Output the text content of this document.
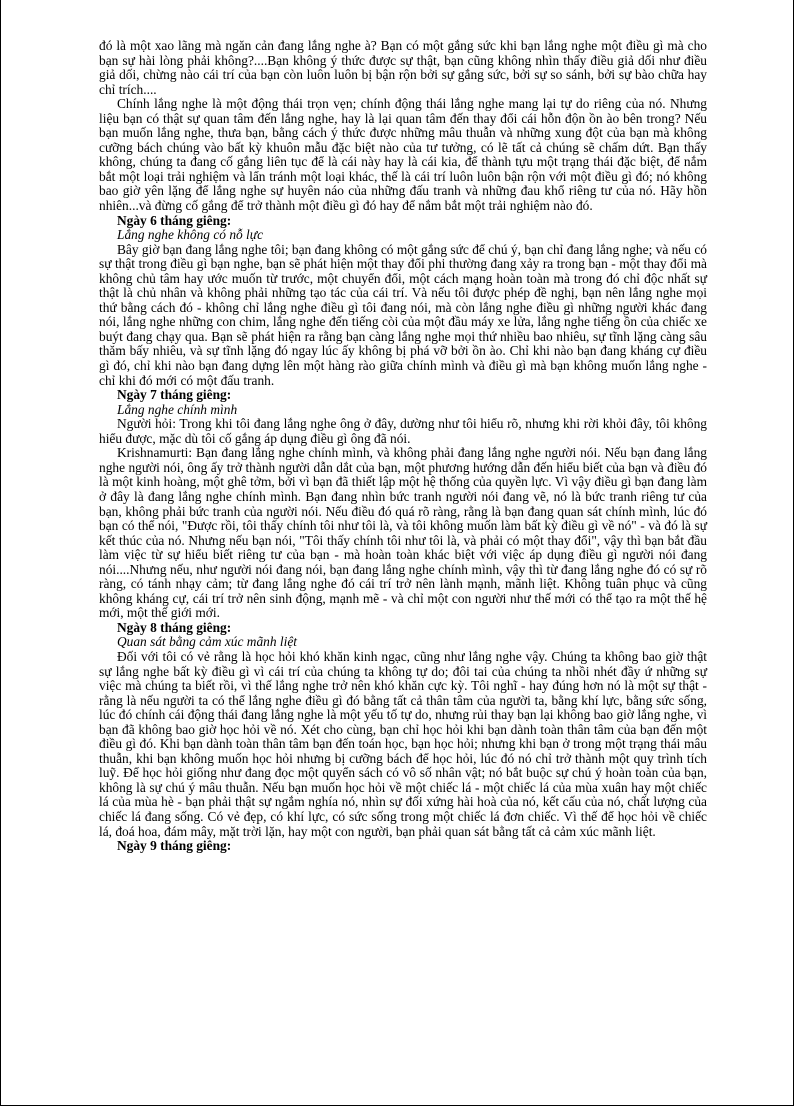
đó là một xao lãng mà ngăn cản đang lắng nghe à? Bạn có một gắng sức khi bạn lắng nghe một điều gì mà cho bạn sự hài lòng phải không?....Bạn không ý thức được sự thật, bạn cũng không nhìn thấy điều giả dối như điều giả dối, chừng nào cái trí của bạn còn luôn luôn bị bận rộn bởi sự gắng sức, bởi sự so sánh, bởi sự bào chữa hay chỉ trích....

Chính lắng nghe là một động thái trọn vẹn; chính động thái lắng nghe mang lại tự do riêng của nó. Nhưng liệu bạn có thật sự quan tâm đến lắng nghe, hay là lại quan tâm đến thay đổi cái hỗn độn ồn ào bên trong? Nếu bạn muốn lắng nghe, thưa bạn, bằng cách ý thức được những mâu thuẫn và những xung đột của bạn mà không cưỡng bách chúng vào bất kỳ khuôn mẫu đặc biệt nào của tư tưởng, có lẽ tất cả chúng sẽ chấm dứt. Bạn thấy không, chúng ta đang cố gắng liên tục để là cái này hay là cái kia, để thành tựu một trạng thái đặc biệt, để nắm bắt một loại trải nghiệm và lẩn tránh một loại khác, thế là cái trí luôn luôn bận rộn với một điều gì đó; nó không bao giờ yên lặng để lắng nghe sự huyên náo của những đấu tranh và những đau khổ riêng tư của nó. Hãy hồn nhiên...và đừng cố gắng để trở thành một điều gì đó hay để nắm bắt một trải nghiệm nào đó.

Ngày 6 tháng giêng:

Lắng nghe không có nỗ lực

Bây giờ bạn đang lắng nghe tôi; bạn đang không có một gắng sức để chú ý, bạn chỉ đang lắng nghe; và nếu có sự thật trong điều gì bạn nghe, bạn sẽ phát hiện một thay đổi phi thường đang xảy ra trong bạn - một thay đổi mà không chủ tâm hay ước muốn từ trước, một chuyển đổi, một cách mạng hoàn toàn mà trong đó chỉ độc nhất sự thật là chủ nhân và không phải những tạo tác của cái trí. Và nếu tôi được phép đề nghị, bạn nên lắng nghe mọi thứ bằng cách đó - không chỉ lắng nghe điều gì tôi đang nói, mà còn lắng nghe điều gì những người khác đang nói, lắng nghe những con chim, lắng nghe đến tiếng còi của một đầu máy xe lửa, lắng nghe tiếng ồn của chiếc xe buýt đang chạy qua. Bạn sẽ phát hiện ra rằng bạn càng lắng nghe mọi thứ nhiều bao nhiêu, sự tĩnh lặng càng sâu thăm bấy nhiêu, và sự tĩnh lặng đó ngay lúc ấy không bị phá vỡ bởi ồn ào. Chỉ khi nào bạn đang kháng cự điều gì đó, chỉ khi nào bạn đang dựng lên một hàng rào giữa chính mình và điều gì mà bạn không muốn lắng nghe - chỉ khi đó mới có một đấu tranh.

Ngày 7 tháng giêng:

Lắng nghe chính mình

Người hỏi: Trong khi tôi đang lắng nghe ông ở đây, dường như tôi hiểu rõ, nhưng khi rời khỏi đây, tôi không hiểu được, mặc dù tôi cố gắng áp dụng điều gì ông đã nói.

Krishnamurti: Bạn đang lắng nghe chính mình, và không phải đang lắng nghe người nói. Nếu bạn đang lắng nghe người nói, ông ấy trở thành người dẫn dắt của bạn, một phương hướng dẫn đến hiểu biết của bạn và điều đó là một kinh hoàng, một ghê tởm, bởi vì bạn đã thiết lập một hệ thống của quyền lực. Vì vậy điều gì bạn đang làm ở đây là đang lắng nghe chính mình. Bạn đang nhìn bức tranh người nói đang vẽ, nó là bức tranh riêng tư của bạn, không phải bức tranh của người nói. Nếu điều đó quá rõ ràng, rằng là bạn đang quan sát chính mình, lúc đó bạn có thể nói, "Được rồi, tôi thấy chính tôi như tôi là, và tôi không muốn làm bất kỳ điều gì về nó" - và đó là sự kết thúc của nó. Nhưng nếu bạn nói, "Tôi thấy chính tôi như tôi là, và phải có một thay đổi", vậy thì bạn bắt đầu làm việc từ sự hiểu biết riêng tư của bạn - mà hoàn toàn khác biệt với việc áp dụng điều gì người nói đang nói....Nhưng nếu, như người nói đang nói, bạn đang lắng nghe chính mình, vậy thì từ đang lắng nghe đó có sự rõ ràng, có tánh nhạy cảm; từ đang lắng nghe đó cái trí trở nên lành mạnh, mãnh liệt. Không tuân phục và cũng không kháng cự, cái trí trở nên sinh động, mạnh mẽ - và chỉ một con người như thế mới có thể tạo ra một thế hệ mới, một thế giới mới.

Ngày 8 tháng giêng:

Quan sát bằng cảm xúc mãnh liệt

Đối với tôi có vẻ rằng là học hỏi khó khăn kinh ngạc, cũng như lắng nghe vậy. Chúng ta không bao giờ thật sự lắng nghe bất kỳ điều gì vì cái trí của chúng ta không tự do; đôi tai của chúng ta nhồi nhét đầy ứ những sự việc mà chúng ta biết rồi, vì thế lắng nghe trở nên khó khăn cực kỳ. Tôi nghĩ - hay đúng hơn nó là một sự thật - rằng là nếu người ta có thể lắng nghe điều gì đó bằng tất cả thân tâm của người ta, bằng khí lực, bằng sức sống, lúc đó chính cái động thái đang lắng nghe là một yếu tố tự do, nhưng rủi thay bạn lại không bao giờ lắng nghe, vì bạn đã không bao giờ học hỏi về nó. Xét cho cùng, bạn chỉ học hỏi khi bạn dành toàn thân tâm của bạn đến một điều gì đó. Khi bạn dành toàn thân tâm bạn đến toán học, bạn học hỏi; nhưng khi bạn ở trong một trạng thái mâu thuẫn, khi bạn không muốn học hỏi nhưng bị cưỡng bách để học hỏi, lúc đó nó chỉ trở thành một quy trình tích luỹ. Để học hỏi giống như đang đọc một quyển sách có vô số nhân vật; nó bắt buộc sự chú ý hoàn toàn của bạn, không là sự chú ý mâu thuẫn. Nếu bạn muốn học hỏi về một chiếc lá - một chiếc lá của mùa xuân hay một chiếc lá của mùa hè - bạn phải thật sự ngắm nghía nó, nhìn sự đối xứng hài hoà của nó, kết cấu của nó, chất lượng của chiếc lá đang sống. Có vẻ đẹp, có khí lực, có sức sống trong một chiếc lá đơn chiếc. Vì thế để học hỏi về chiếc lá, đoá hoa, đám mây, mặt trời lặn, hay một con người, bạn phải quan sát bằng tất cả cảm xúc mãnh liệt.

Ngày 9 tháng giêng:
